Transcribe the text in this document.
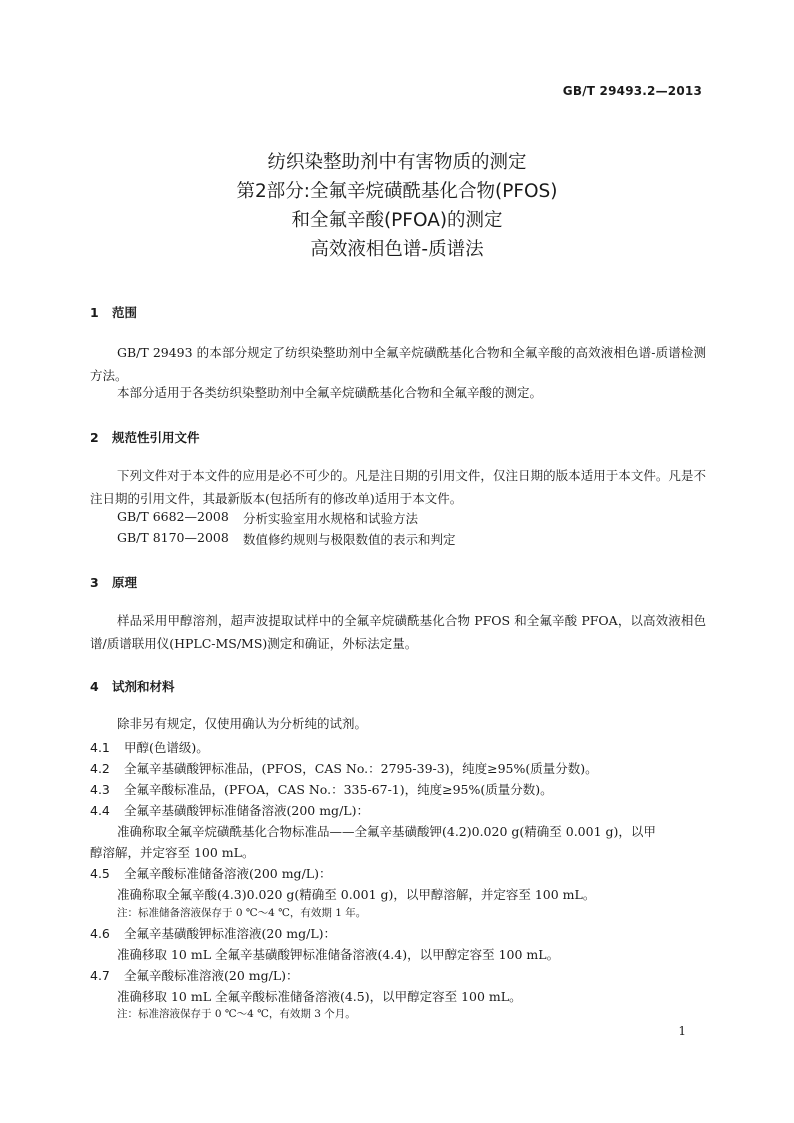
GB/T 29493.2—2013
纺织染整助剂中有害物质的测定
第2部分:全氟辛烷磺酰基化合物(PFOS)
和全氟辛酸(PFOA)的测定
高效液相色谱-质谱法
1 范围
GB/T 29493 的本部分规定了纺织染整助剂中全氟辛烷磺酰基化合物和全氟辛酸的高效液相色谱-质谱检测方法。
本部分适用于各类纺织染整助剂中全氟辛烷磺酰基化合物和全氟辛酸的测定。
2 规范性引用文件
下列文件对于本文件的应用是必不可少的。凡是注日期的引用文件，仅注日期的版本适用于本文件。凡是不注日期的引用文件，其最新版本(包括所有的修改单)适用于本文件。
GB/T 6682—2008 分析实验室用水规格和试验方法
GB/T 8170—2008 数值修约规则与极限数值的表示和判定
3 原理
样品采用甲醇溶剂，超声波提取试样中的全氟辛烷磺酰基化合物 PFOS 和全氟辛酸 PFOA，以高效液相色谱/质谱联用仪(HPLC-MS/MS)测定和确证，外标法定量。
4 试剂和材料
除非另有规定，仅使用确认为分析纯的试剂。
4.1 甲醇(色谱级)。
4.2 全氟辛基磺酸钾标准品，(PFOS，CAS No.：2795-39-3)，纯度≥95%(质量分数)。
4.3 全氟辛酸标准品，(PFOA，CAS No.：335-67-1)，纯度≥95%(质量分数)。
4.4 全氟辛基磺酸钾标准储备溶液(200 mg/L)：
准确称取全氟辛烷磺酰基化合物标准品——全氟辛基磺酸钾(4.2)0.020 g(精确至 0.001 g)，以甲
醇溶解，并定容至 100 mL。
4.5 全氟辛酸标准储备溶液(200 mg/L)：
准确称取全氟辛酸(4.3)0.020 g(精确至 0.001 g)，以甲醇溶解，并定容至 100 mL。
注：标准储备溶液保存于 0 ℃～4 ℃，有效期 1 年。
4.6 全氟辛基磺酸钾标准溶液(20 mg/L)：
准确移取 10 mL 全氟辛基磺酸钾标准储备溶液(4.4)，以甲醇定容至 100 mL。
4.7 全氟辛酸标准溶液(20 mg/L)：
准确移取 10 mL 全氟辛酸标准储备溶液(4.5)，以甲醇定容至 100 mL。
注：标准溶液保存于 0 ℃～4 ℃，有效期 3 个月。
1
